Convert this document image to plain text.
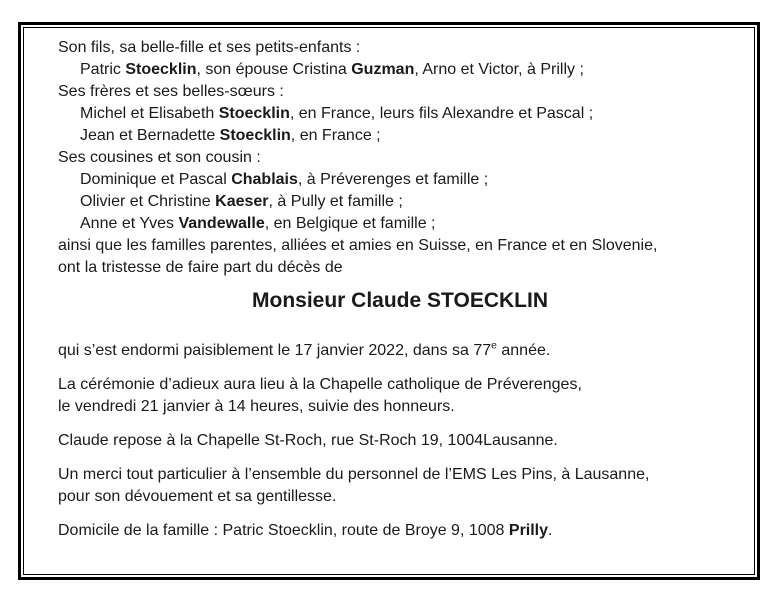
Son fils, sa belle-fille et ses petits-enfants :
Patric Stoecklin, son épouse Cristina Guzman, Arno et Victor, à Prilly ;
Ses frères et ses belles-sœurs :
Michel et Elisabeth Stoecklin, en France, leurs fils Alexandre et Pascal ;
Jean et Bernadette Stoecklin, en France ;
Ses cousines et son cousin :
Dominique et Pascal Chablais, à Préverenges et famille ;
Olivier et Christine Kaeser, à Pully et famille ;
Anne et Yves Vandewalle, en Belgique et famille ;
ainsi que les familles parentes, alliées et amies en Suisse, en France et en Slovenie,
ont la tristesse de faire part du décès de
Monsieur Claude STOECKLIN
qui s’est endormi paisiblement le 17 janvier 2022, dans sa 77e année.
La cérémonie d’adieux aura lieu à la Chapelle catholique de Préverenges,
le vendredi 21 janvier à 14 heures, suivie des honneurs.
Claude repose à la Chapelle St-Roch, rue St-Roch 19, 1004Lausanne.
Un merci tout particulier à l’ensemble du personnel de l’EMS Les Pins, à Lausanne,
pour son dévouement et sa gentillesse.
Domicile de la famille : Patric Stoecklin, route de Broye 9, 1008 Prilly.
